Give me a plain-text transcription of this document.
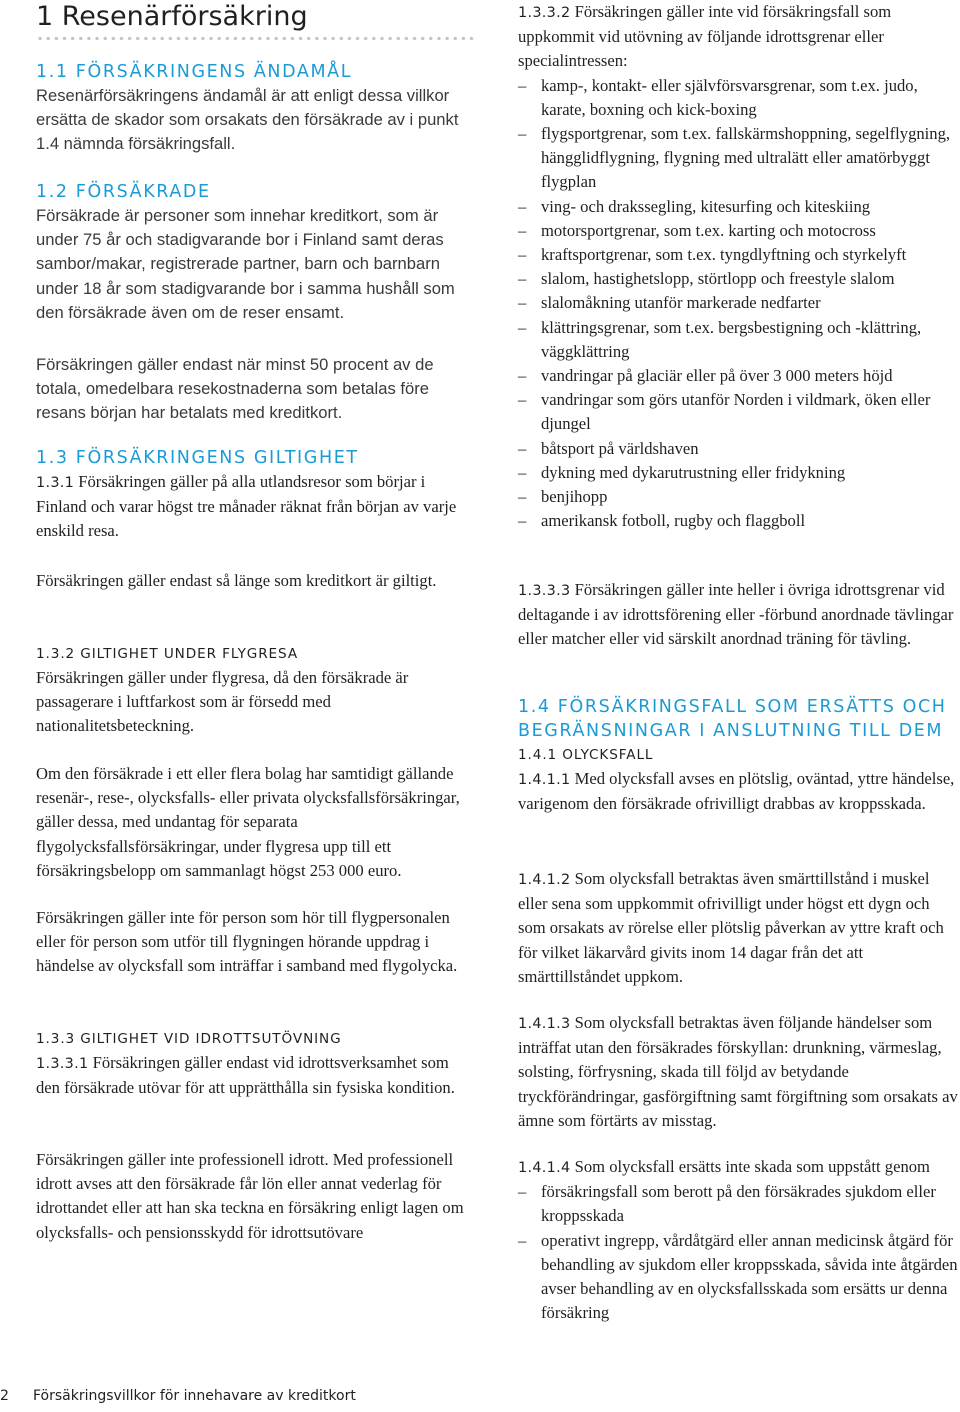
1 Resenärförsäkring
1.1 FÖRSÄKRINGENS ÄNDAMÅL

Resenärförsäkringens ändamål är att enligt dessa villkor ersätta de skador som orsakats den försäkrade av i punkt 1.4 nämnda försäkringsfall.

1.2 FÖRSÄKRADE

Försäkrade är personer som innehar kreditkort, som är under 75 år och stadigvarande bor i Finland samt deras sambor/makar, registrerade partner, barn och barnbarn under 18 år som stadigvarande bor i samma hushåll som den försäkrade även om de reser ensamt.

Försäkringen gäller endast när minst 50 procent av de totala, omedelbara resekostnaderna som betalas före resans början har betalats med kreditkort.

1.3 FÖRSÄKRINGENS GILTIGHET

1.3.1 Försäkringen gäller på alla utlandsresor som börjar i Finland och varar högst tre månader räknat från början av varje enskild resa.

Försäkringen gäller endast så länge som kreditkort är giltigt.

1.3.2 GILTIGHET UNDER FLYGRESA

Försäkringen gäller under flygresa, då den försäkrade är passagerare i luftfarkost som är försedd med nationalitetsbeteckning.

Om den försäkrade i ett eller flera bolag har samtidigt gällande resenär-, rese-, olycksfalls- eller privata olycksfallsförsäkringar, gäller dessa, med undantag för separata flygolycksfallsförsäkringar, under flygresa upp till ett försäkringsbelopp om sammanlagt högst 253 000 euro.

Försäkringen gäller inte för person som hör till flygpersonalen eller för person som utför till flygningen hörande uppdrag i händelse av olycksfall som inträffar i samband med flygolycka.

1.3.3 GILTIGHET VID IDROTTSUTÖVNING

1.3.3.1 Försäkringen gäller endast vid idrottsverksamhet som den försäkrade utövar för att upprätthålla sin fysiska kondition.

Försäkringen gäller inte professionell idrott. Med professionell idrott avses att den försäkrade får lön eller annat vederlag för idrottandet eller att han ska teckna en försäkring enligt lagen om olycksfalls- och pensionsskydd för idrottsutövare

1.3.3.2 Försäkringen gäller inte vid försäkringsfall som uppkommit vid utövning av följande idrottsgrenar eller specialintressen:

– kamp-, kontakt- eller självförsvarsgrenar, som t.ex. judo, karate, boxning och kick-boxing
– flygsportgrenar, som t.ex. fallskärmshoppning, segelflygning, hängglidflygning, flygning med ultralätt eller amatörbyggt flygplan
– ving- och drakssegling, kitesurfing och kiteskiing
– motorsportgrenar, som t.ex. karting och motocross
– kraftsportgrenar, som t.ex. tyngdlyftning och styrkelyft
– slalom, hastighetslopp, störtlopp och freestyle slalom
– slalomåkning utanför markerade nedfarter
– klättringsgrenar, som t.ex. bergsbestigning och -klättring, väggklättring
– vandringar på glaciär eller på över 3 000 meters höjd
– vandringar som görs utanför Norden i vildmark, öken eller djungel
– båtsport på världshaven
– dykning med dykarutrustning eller fridykning
– benjihopp
– amerikansk fotboll, rugby och flaggboll

1.3.3.3 Försäkringen gäller inte heller i övriga idrottsgrenar vid deltagande i av idrottsförening eller -förbund anordnade tävlingar eller matcher eller vid särskilt anordnad träning för tävling.

1.4 FÖRSÄKRINGSFALL SOM ERSÄTTS OCH BEGRÄNSNINGAR I ANSLUTNING TILL DEM
1.4.1 OLYCKSFALL

1.4.1.1 Med olycksfall avses en plötslig, oväntad, yttre händelse, varigenom den försäkrade ofrivilligt drabbas av kroppsskada.

1.4.1.2 Som olycksfall betraktas även smärttillstånd i muskel eller sena som uppkommit ofrivilligt under högst ett dygn och som orsakats av rörelse eller plötslig påverkan av yttre kraft och för vilket läkarvård givits inom 14 dagar från det att smärttillståndet uppkom.

1.4.1.3 Som olycksfall betraktas även följande händelser som inträffat utan den försäkrades förskyllan: drunkning, värmeslag, solsting, förfrysning, skada till följd av betydande tryckförändringar, gasförgiftning samt förgiftning som orsakats av ämne som förtärts av misstag.

1.4.1.4 Som olycksfall ersätts inte skada som uppstått genom

– försäkringsfall som berott på den försäkrades sjukdom eller kroppsskada
– operativt ingrepp, vårdåtgärd eller annan medicinsk åtgärd för behandling av sjukdom eller kroppsskada, såvida inte åtgärden avser behandling av en olycksfallsskada som ersätts ur denna försäkring
2 Försäkringsvillkor för innehavare av kreditkort
